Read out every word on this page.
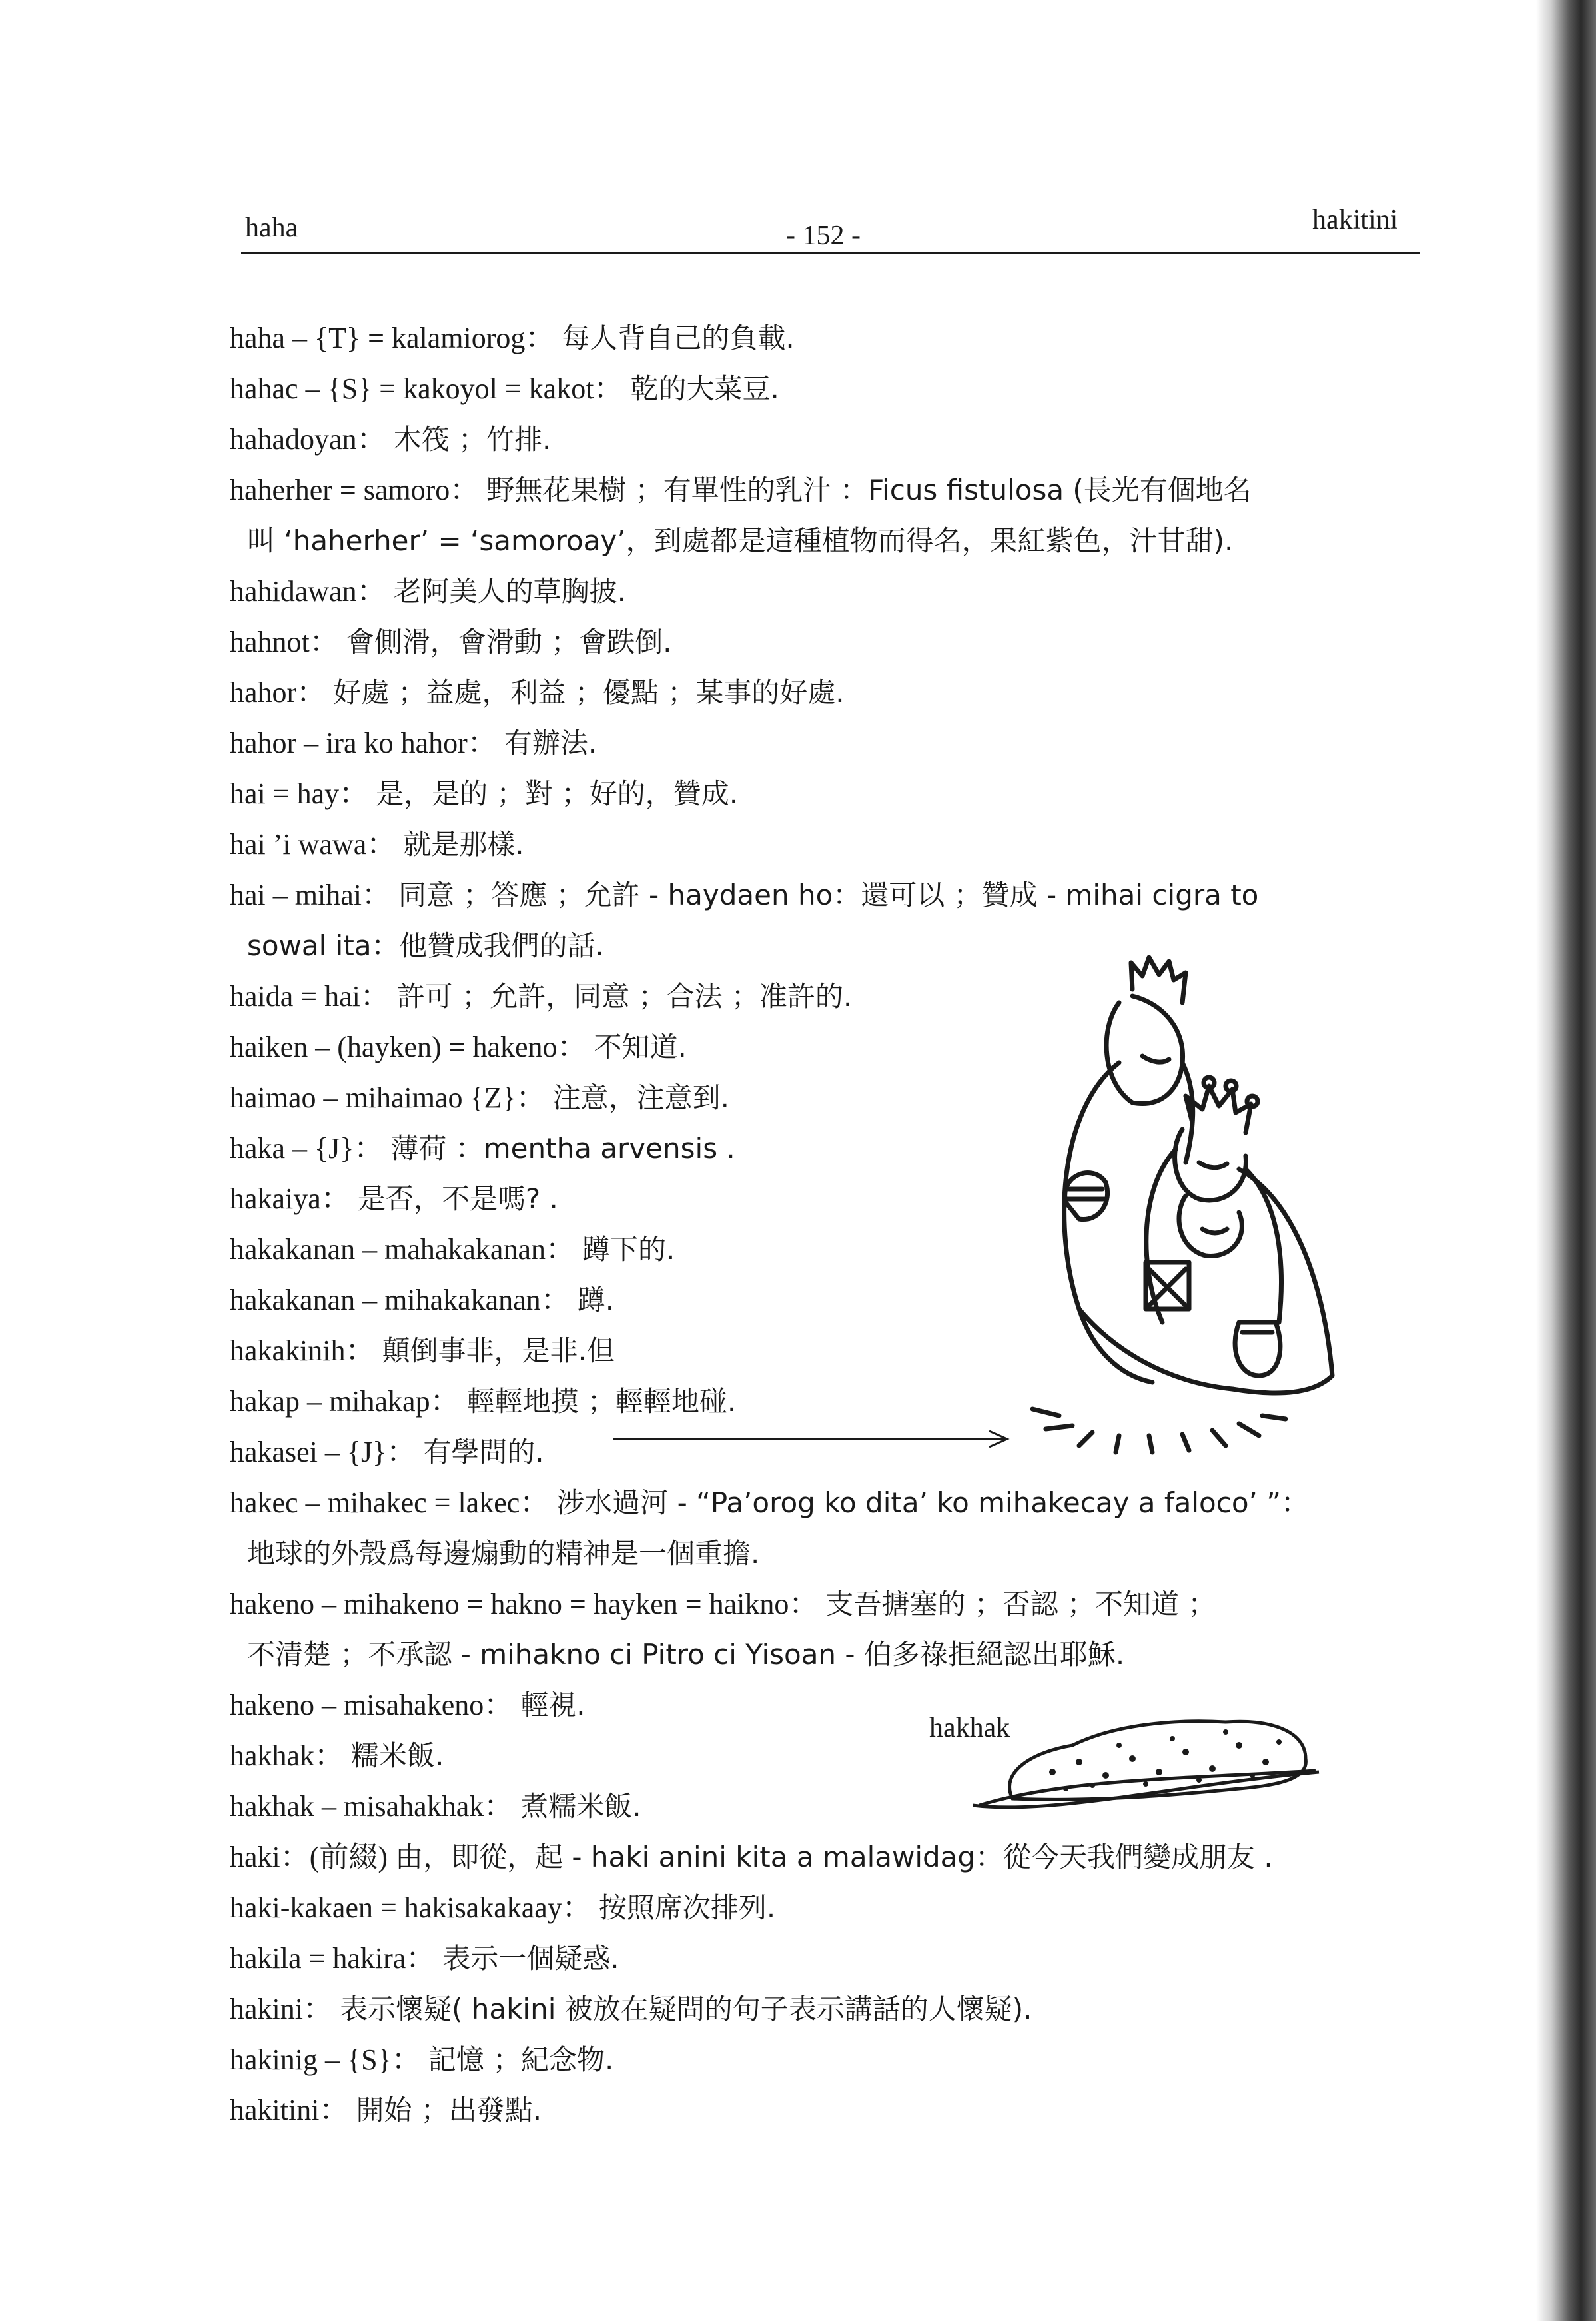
haha	- 152 -
hakitini
haha – {T} = kalamiorog： 每人背自己的負載.
hahac – {S} = kakoyol = kakot： 乾的大菜豆.
hahadoyan： 木筏 ；竹排.
haherher = samoro： 野無花果樹 ；有單性的乳汁 ：Ficus fistulosa (長光有個地名
叫 ‘haherher’ = ‘samoroay’，到處都是這種植物而得名，果紅紫色，汁甘甜).
hahidawan： 老阿美人的草胸披.
hahnot： 會側滑，會滑動 ；會跌倒.
hahor： 好處 ；益處，利益 ；優點 ；某事的好處.
hahor – ira ko hahor： 有辦法.
hai = hay： 是，是的 ；對 ；好的，贊成.
hai ’i wawa： 就是那樣.
hai – mihai： 同意 ；答應 ；允許 - haydaen ho：還可以 ；贊成 - mihai cigra to
sowal ita：他贊成我們的話.
haida = hai： 許可 ；允許，同意 ；合法 ；准許的.
haiken – (hayken) = hakeno： 不知道.
haimao – mihaimao {Z}： 注意，注意到.
haka – {J}： 薄荷 ：mentha arvensis .
hakaiya： 是否，不是嗎? .
hakakanan – mahakakanan： 蹲下的.
hakakanan – mihakakanan： 蹲.
hakakinih： 顛倒事非，是非.但
hakap – mihakap： 輕輕地摸 ；輕輕地碰.
hakasei – {J}： 有學問的.
hakec – mihakec = lakec： 涉水過河 - “Pa’orog ko dita’ ko mihakecay a faloco’ ”：
地球的外殼爲每邊煽動的精神是一個重擔.
hakeno – mihakeno = hakno = hayken = haikno： 支吾搪塞的 ；否認 ；不知道 ；
不清楚 ；不承認 - mihakno ci Pitro ci Yisoan - 伯多祿拒絕認出耶穌.
hakeno – misahakeno： 輕視.
hakhak： 糯米飯.
hakhak – misahakhak： 煮糯米飯.
haki：(前綴) 由，即從，起 - haki anini kita a malawidag：從今天我們變成朋友 .
haki-kakaen = hakisakakaay： 按照席次排列.
hakila = hakira： 表示一個疑惑.
hakini： 表示懷疑( hakini 被放在疑問的句子表示講話的人懷疑).
hakinig – {S}： 記憶 ；紀念物.
hakitini： 開始 ；出發點.
hakhak
